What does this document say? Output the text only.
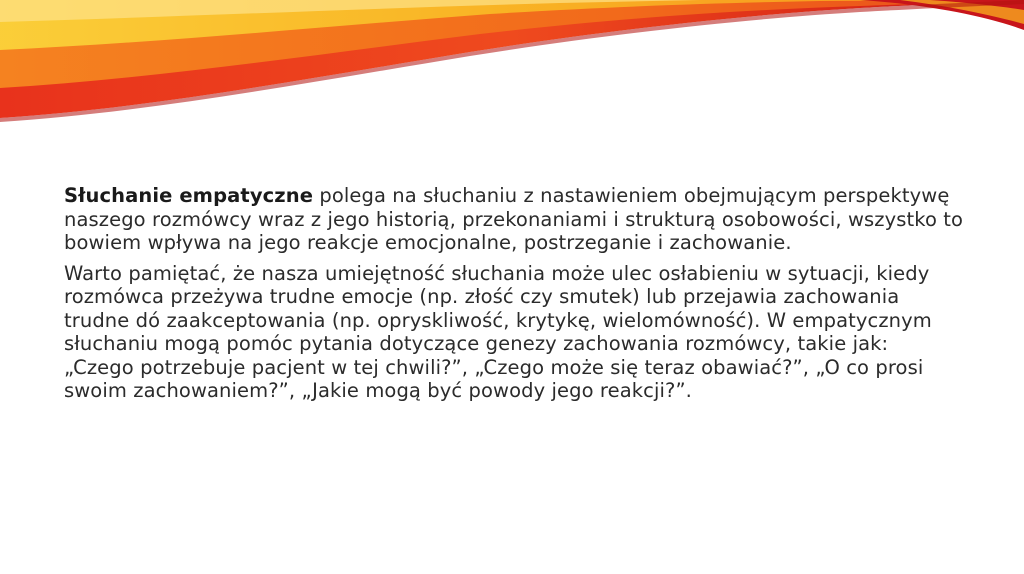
Słuchanie empatyczne polega na słuchaniu z nastawieniem obejmującym perspektywę naszego rozmówcy wraz z jego historią, przekonaniami i strukturą osobowości, wszystko to bowiem wpływa na jego reakcje emocjonalne, postrzeganie i zachowanie.

Warto pamiętać, że nasza umiejętność słuchania może ulec osłabieniu w sytuacji, kiedy rozmówca przeżywa trudne emocje (np. złość czy smutek) lub przejawia zachowania trudne dó zaakceptowania (np. opryskliwość, krytykę, wielomówność). W empatycznym słuchaniu mogą pomóc pytania dotyczące genezy zachowania rozmówcy, takie jak: „Czego potrzebuje pacjent w tej chwili?”, „Czego może się teraz obawiać?”, „O co prosi swoim zachowaniem?”, „Jakie mogą być powody jego reakcji?”.
